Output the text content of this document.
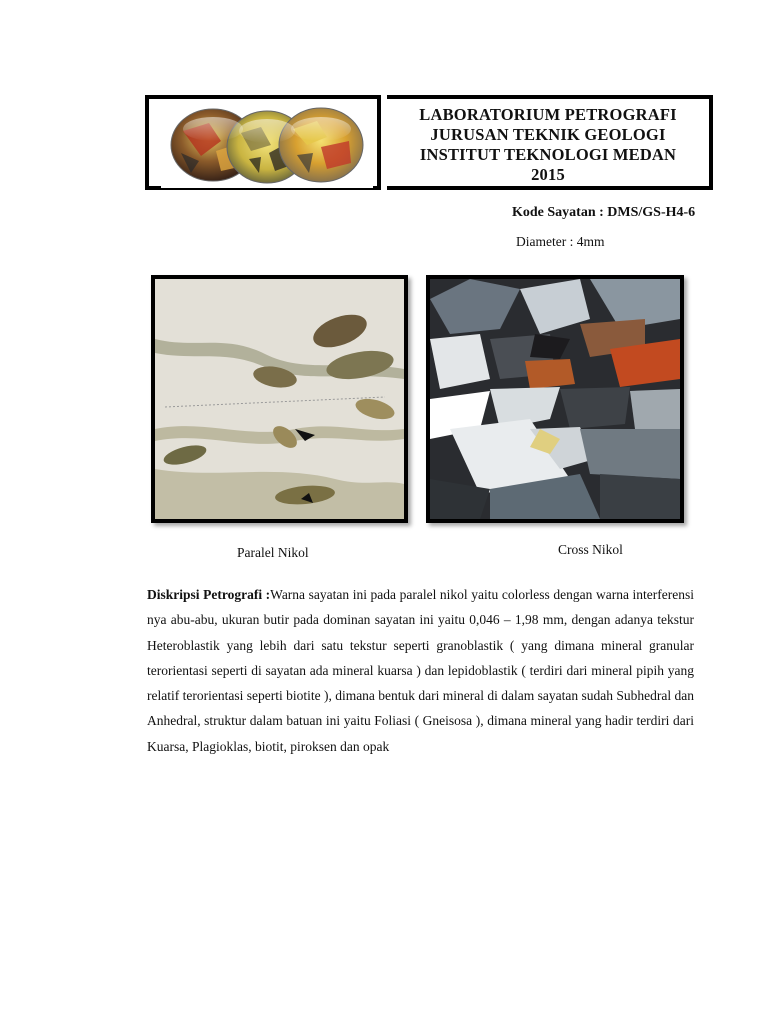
LABORATORIUM PETROGRAFI
JURUSAN TEKNIK GEOLOGI
INSTITUT TEKNOLOGI MEDAN
2015
Kode Sayatan : DMS/GS-H4-6
Diameter : 4mm
Paralel Nikol	Cross Nikol
Diskripsi Petrografi :Warna sayatan ini pada paralel nikol yaitu colorless dengan warna interferensi nya abu-abu, ukuran butir pada dominan sayatan ini yaitu 0,046 – 1,98 mm, dengan adanya tekstur Heteroblastik yang lebih dari satu tekstur seperti granoblastik ( yang dimana mineral granular terorientasi seperti di sayatan ada mineral kuarsa ) dan lepidoblastik ( terdiri dari mineral pipih yang relatif terorientasi seperti biotite ), dimana bentuk dari mineral di dalam sayatan sudah Subhedral dan Anhedral, struktur dalam batuan ini yaitu Foliasi ( Gneisosa ), dimana mineral yang hadir terdiri dari Kuarsa, Plagioklas, biotit, piroksen dan opak
